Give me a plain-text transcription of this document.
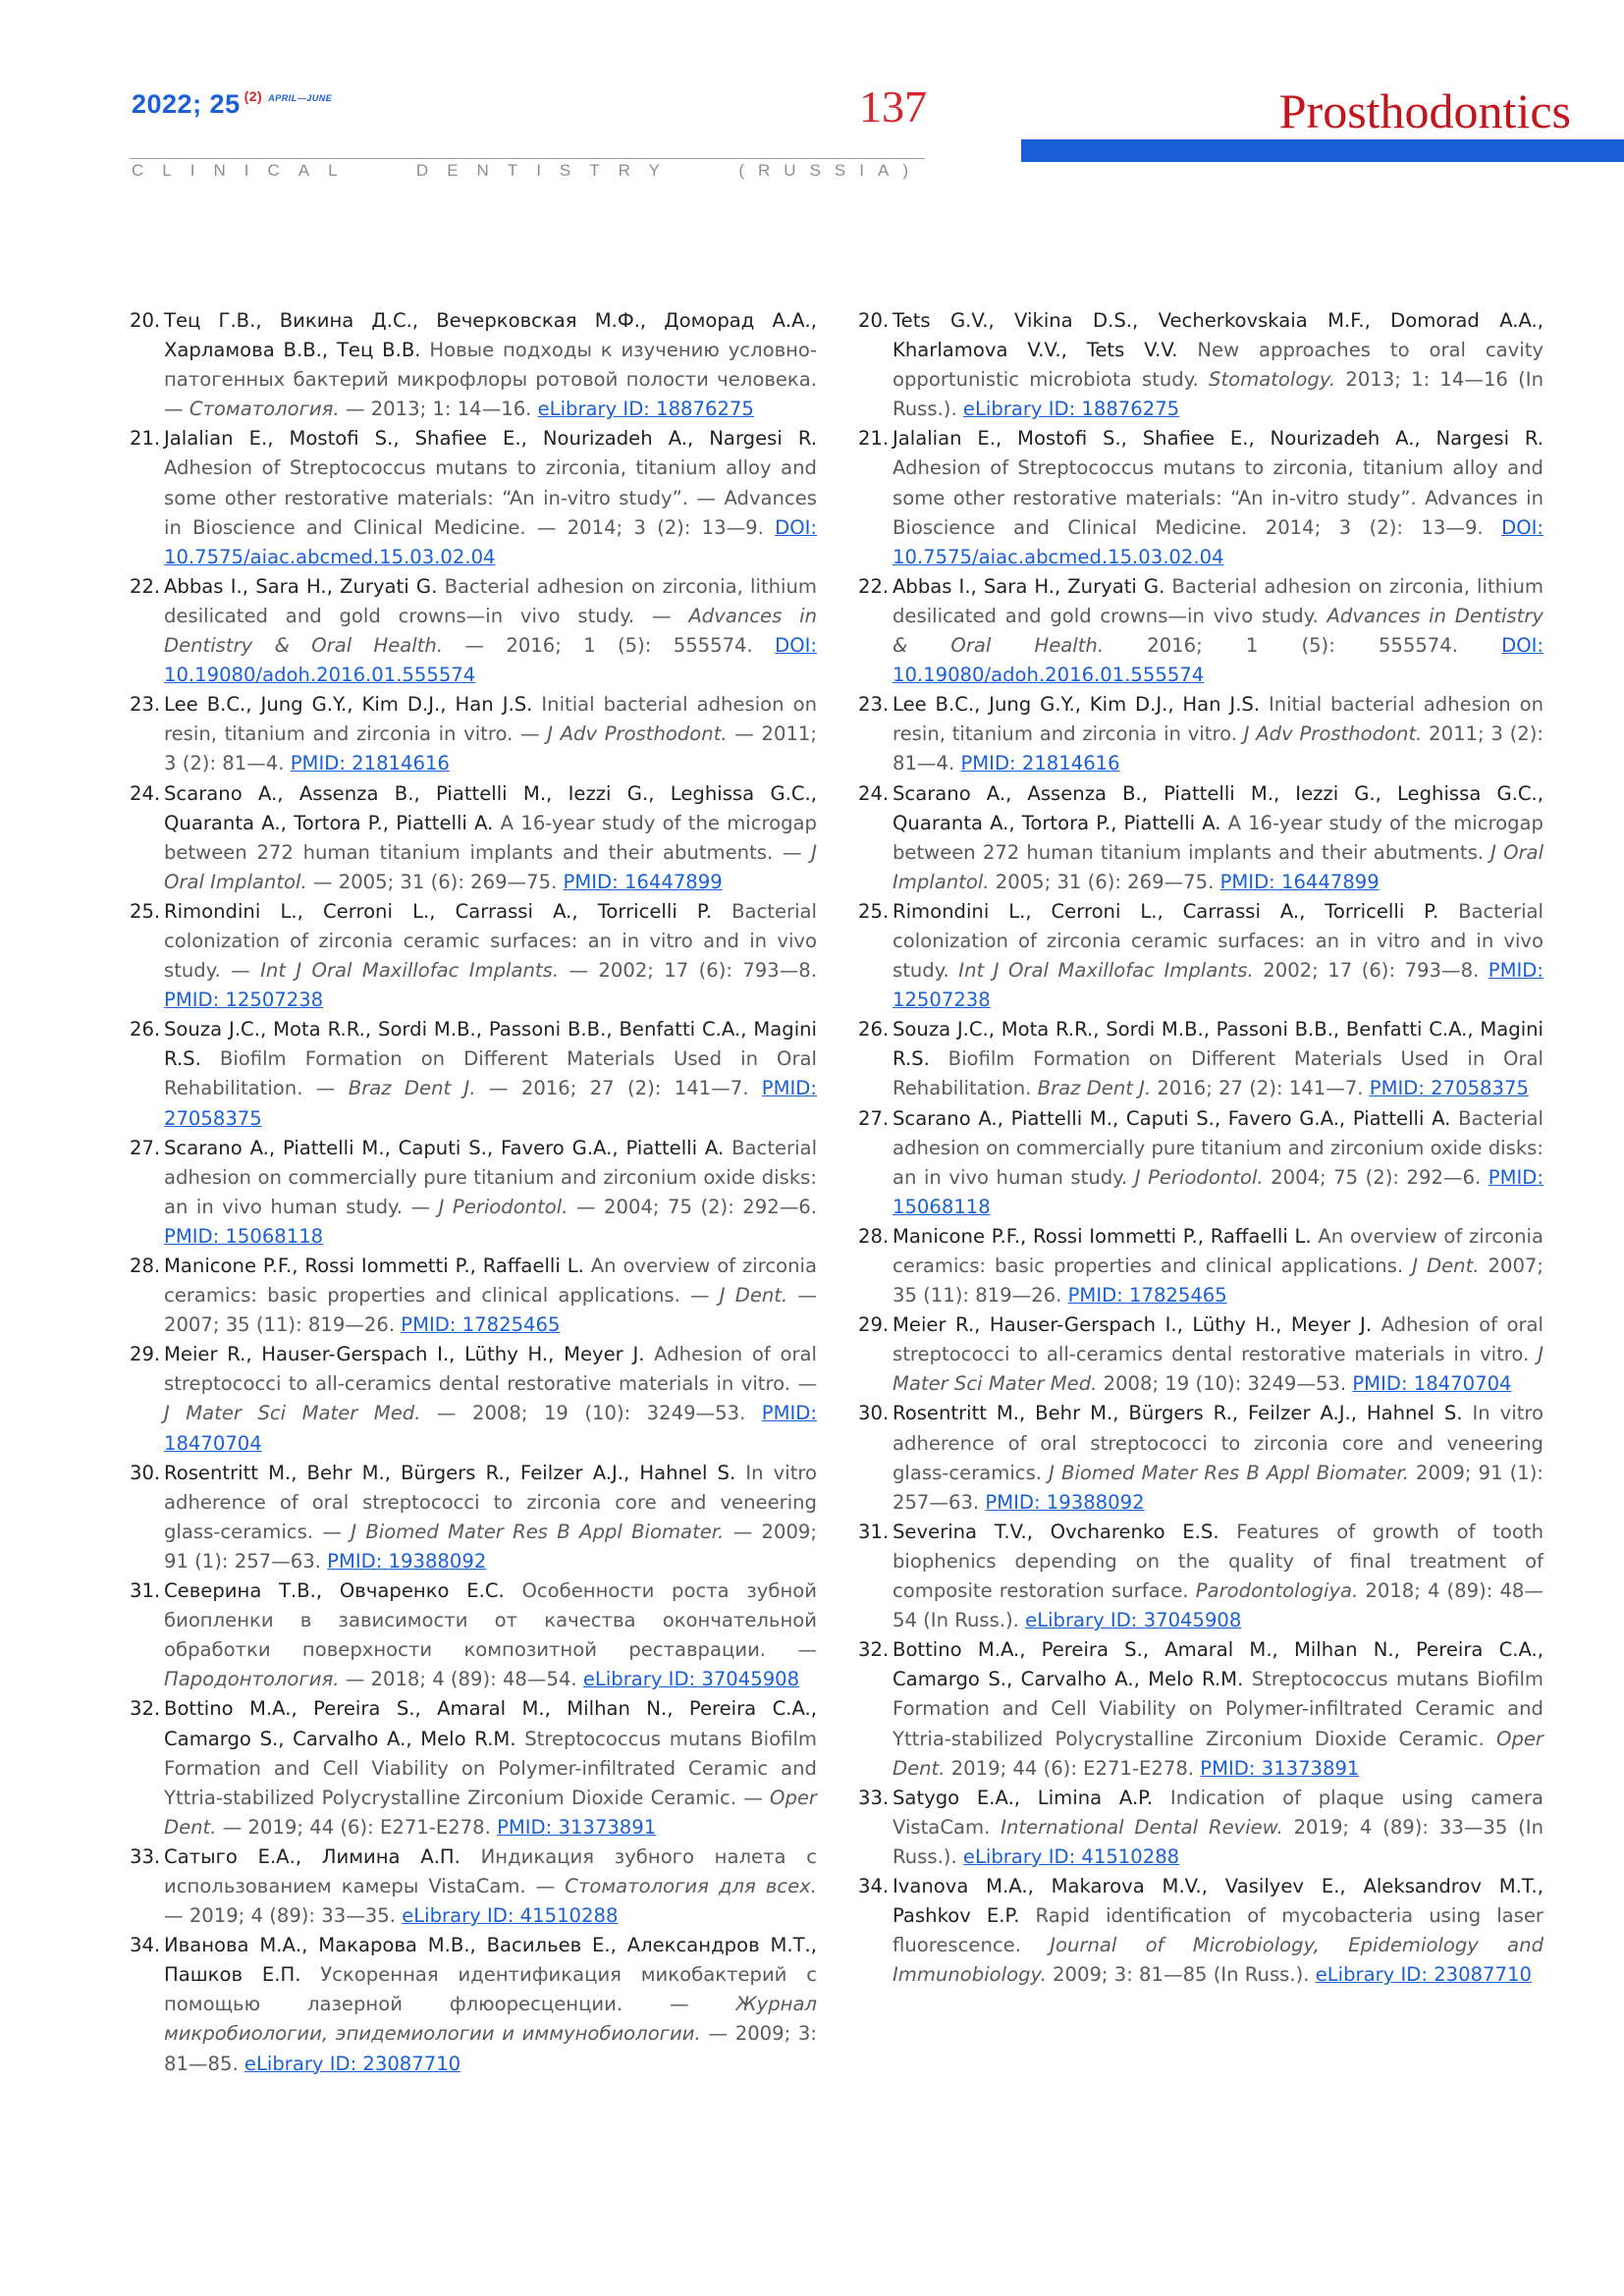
2022; 25 $^{(2)}$ $^{APRIL—JUNE}$	137
CLINICAL	DENTISTRY	(RUSSIA)
Prosthodontics
20. Тец Г.В., Викина Д.С., Вечерковская М.Ф., Доморад А.А., Харламова В.В., Тец В.В. Новые подходы к изучению условно-патогенных бактерий микрофлоры ротовой полости человека. — Стоматология. — 2013; 1: 14—16. eLibrary ID: 18876275
21. Jalalian E., Mostofi S., Shafiee E., Nourizadeh A., Nargesi R. Adhesion of Streptococcus mutans to zirconia, titanium alloy and some other restorative materials: “An in-vitro study”. — Advances in Bioscience and Clinical Medicine. — 2014; 3 (2): 13—9. DOI: 10.7575/aiac.abcmed.15.03.02.04
22. Abbas I., Sara H., Zuryati G. Bacterial adhesion on zirconia, lithium desilicated and gold crowns—in vivo study. — Advances in Dentistry & Oral Health. — 2016; 1 (5): 555574. DOI: 10.19080/adoh.2016.01.555574
23. Lee B.C., Jung G.Y., Kim D.J., Han J.S. Initial bacterial adhesion on resin, titanium and zirconia in vitro. — J Adv Prosthodont. — 2011; 3 (2): 81—4. PMID: 21814616
24. Scarano A., Assenza B., Piattelli M., Iezzi G., Leghissa G.C., Quaranta A., Tortora P., Piattelli A. A 16-year study of the microgap between 272 human titanium implants and their abutments. — J Oral Implantol. — 2005; 31 (6): 269—75. PMID: 16447899
25. Rimondini L., Cerroni L., Carrassi A., Torricelli P. Bacterial colonization of zirconia ceramic surfaces: an in vitro and in vivo study. — Int J Oral Maxillofac Implants. — 2002; 17 (6): 793—8. PMID: 12507238
26. Souza J.C., Mota R.R., Sordi M.B., Passoni B.B., Benfatti C.A., Magini R.S. Biofilm Formation on Different Materials Used in Oral Rehabilitation. — Braz Dent J. — 2016; 27 (2): 141—7. PMID: 27058375
27. Scarano A., Piattelli M., Caputi S., Favero G.A., Piattelli A. Bacterial adhesion on commercially pure titanium and zirconium oxide disks: an in vivo human study. — J Periodontol. — 2004; 75 (2): 292—6. PMID: 15068118
28. Manicone P.F., Rossi Iommetti P., Raffaelli L. An overview of zirconia ceramics: basic properties and clinical applications. — J Dent. — 2007; 35 (11): 819—26. PMID: 17825465
29. Meier R., Hauser-Gerspach I., Lüthy H., Meyer J. Adhesion of oral streptococci to all-ceramics dental restorative materials in vitro. — J Mater Sci Mater Med. — 2008; 19 (10): 3249—53. PMID: 18470704
30. Rosentritt M., Behr M., Bürgers R., Feilzer A.J., Hahnel S. In vitro adherence of oral streptococci to zirconia core and veneering glass-ceramics. — J Biomed Mater Res B Appl Biomater. — 2009; 91 (1): 257—63. PMID: 19388092
31. Северина Т.В., Овчаренко Е.С. Особенности роста зубной биопленки в зависимости от качества окончательной обработки поверхности композитной реставрации. — Пародонтология. — 2018; 4 (89): 48—54. eLibrary ID: 37045908
32. Bottino M.A., Pereira S., Amaral M., Milhan N., Pereira C.A., Camargo S., Carvalho A., Melo R.M. Streptococcus mutans Biofilm Formation and Cell Viability on Polymer-infiltrated Ceramic and Yttria-stabilized Polycrystalline Zirconium Dioxide Ceramic. — Oper Dent. — 2019; 44 (6): E271-E278. PMID: 31373891
33. Сатыго Е.А., Лимина А.П. Индикация зубного налета с использованием камеры VistaCam. — Стоматология для всех. — 2019; 4 (89): 33—35. eLibrary ID: 41510288
34. Иванова М.А., Макарова М.В., Васильев Е., Александров М.Т., Пашков Е.П. Ускоренная идентификация микобактерий с помощью лазерной флюоресценции. — Журнал микробиологии, эпидемиологии и иммунобиологии. — 2009; 3: 81—85. eLibrary ID: 23087710
20. Tets G.V., Vikina D.S., Vecherkovskaia M.F., Domorad A.A., Kharlamova V.V., Tets V.V. New approaches to oral cavity opportunistic microbiota study. Stomatology. 2013; 1: 14—16 (In Russ.). eLibrary ID: 18876275
21. Jalalian E., Mostofi S., Shafiee E., Nourizadeh A., Nargesi R. Adhesion of Streptococcus mutans to zirconia, titanium alloy and some other restorative materials: “An in-vitro study”. Advances in Bioscience and Clinical Medicine. 2014; 3 (2): 13—9. DOI: 10.7575/aiac.abcmed.15.03.02.04
22. Abbas I., Sara H., Zuryati G. Bacterial adhesion on zirconia, lithium desilicated and gold crowns—in vivo study. Advances in Dentistry & Oral Health. 2016; 1 (5): 555574. DOI: 10.19080/adoh.2016.01.555574
23. Lee B.C., Jung G.Y., Kim D.J., Han J.S. Initial bacterial adhesion on resin, titanium and zirconia in vitro. J Adv Prosthodont. 2011; 3 (2): 81—4. PMID: 21814616
24. Scarano A., Assenza B., Piattelli M., Iezzi G., Leghissa G.C., Quaranta A., Tortora P., Piattelli A. A 16-year study of the microgap between 272 human titanium implants and their abutments. J Oral Implantol. 2005; 31 (6): 269—75. PMID: 16447899
25. Rimondini L., Cerroni L., Carrassi A., Torricelli P. Bacterial colonization of zirconia ceramic surfaces: an in vitro and in vivo study. Int J Oral Maxillofac Implants. 2002; 17 (6): 793—8. PMID: 12507238
26. Souza J.C., Mota R.R., Sordi M.B., Passoni B.B., Benfatti C.A., Magini R.S. Biofilm Formation on Different Materials Used in Oral Rehabilitation. Braz Dent J. 2016; 27 (2): 141—7. PMID: 27058375
27. Scarano A., Piattelli M., Caputi S., Favero G.A., Piattelli A. Bacterial adhesion on commercially pure titanium and zirconium oxide disks: an in vivo human study. J Periodontol. 2004; 75 (2): 292—6. PMID: 15068118
28. Manicone P.F., Rossi Iommetti P., Raffaelli L. An overview of zirconia ceramics: basic properties and clinical applications. J Dent. 2007; 35 (11): 819—26. PMID: 17825465
29. Meier R., Hauser-Gerspach I., Lüthy H., Meyer J. Adhesion of oral streptococci to all-ceramics dental restorative materials in vitro. J Mater Sci Mater Med. 2008; 19 (10): 3249—53. PMID: 18470704
30. Rosentritt M., Behr M., Bürgers R., Feilzer A.J., Hahnel S. In vitro adherence of oral streptococci to zirconia core and veneering glass-ceramics. J Biomed Mater Res B Appl Biomater. 2009; 91 (1): 257—63. PMID: 19388092
31. Severina T.V., Ovcharenko E.S. Features of growth of tooth biophenics depending on the quality of final treatment of composite restoration surface. Parodontologiya. 2018; 4 (89): 48—54 (In Russ.). eLibrary ID: 37045908
32. Bottino M.A., Pereira S., Amaral M., Milhan N., Pereira C.A., Camargo S., Carvalho A., Melo R.M. Streptococcus mutans Biofilm Formation and Cell Viability on Polymer-infiltrated Ceramic and Yttria-stabilized Polycrystalline Zirconium Dioxide Ceramic. Oper Dent. 2019; 44 (6): E271-E278. PMID: 31373891
33. Satygo E.A., Limina A.P. Indication of plaque using camera VistaCam. International Dental Review. 2019; 4 (89): 33—35 (In Russ.). eLibrary ID: 41510288
34. Ivanova M.A., Makarova M.V., Vasilyev E., Aleksandrov M.T., Pashkov E.P. Rapid identification of mycobacteria using laser fluorescence. Journal of Microbiology, Epidemiology and Immunobiology. 2009; 3: 81—85 (In Russ.). eLibrary ID: 23087710
